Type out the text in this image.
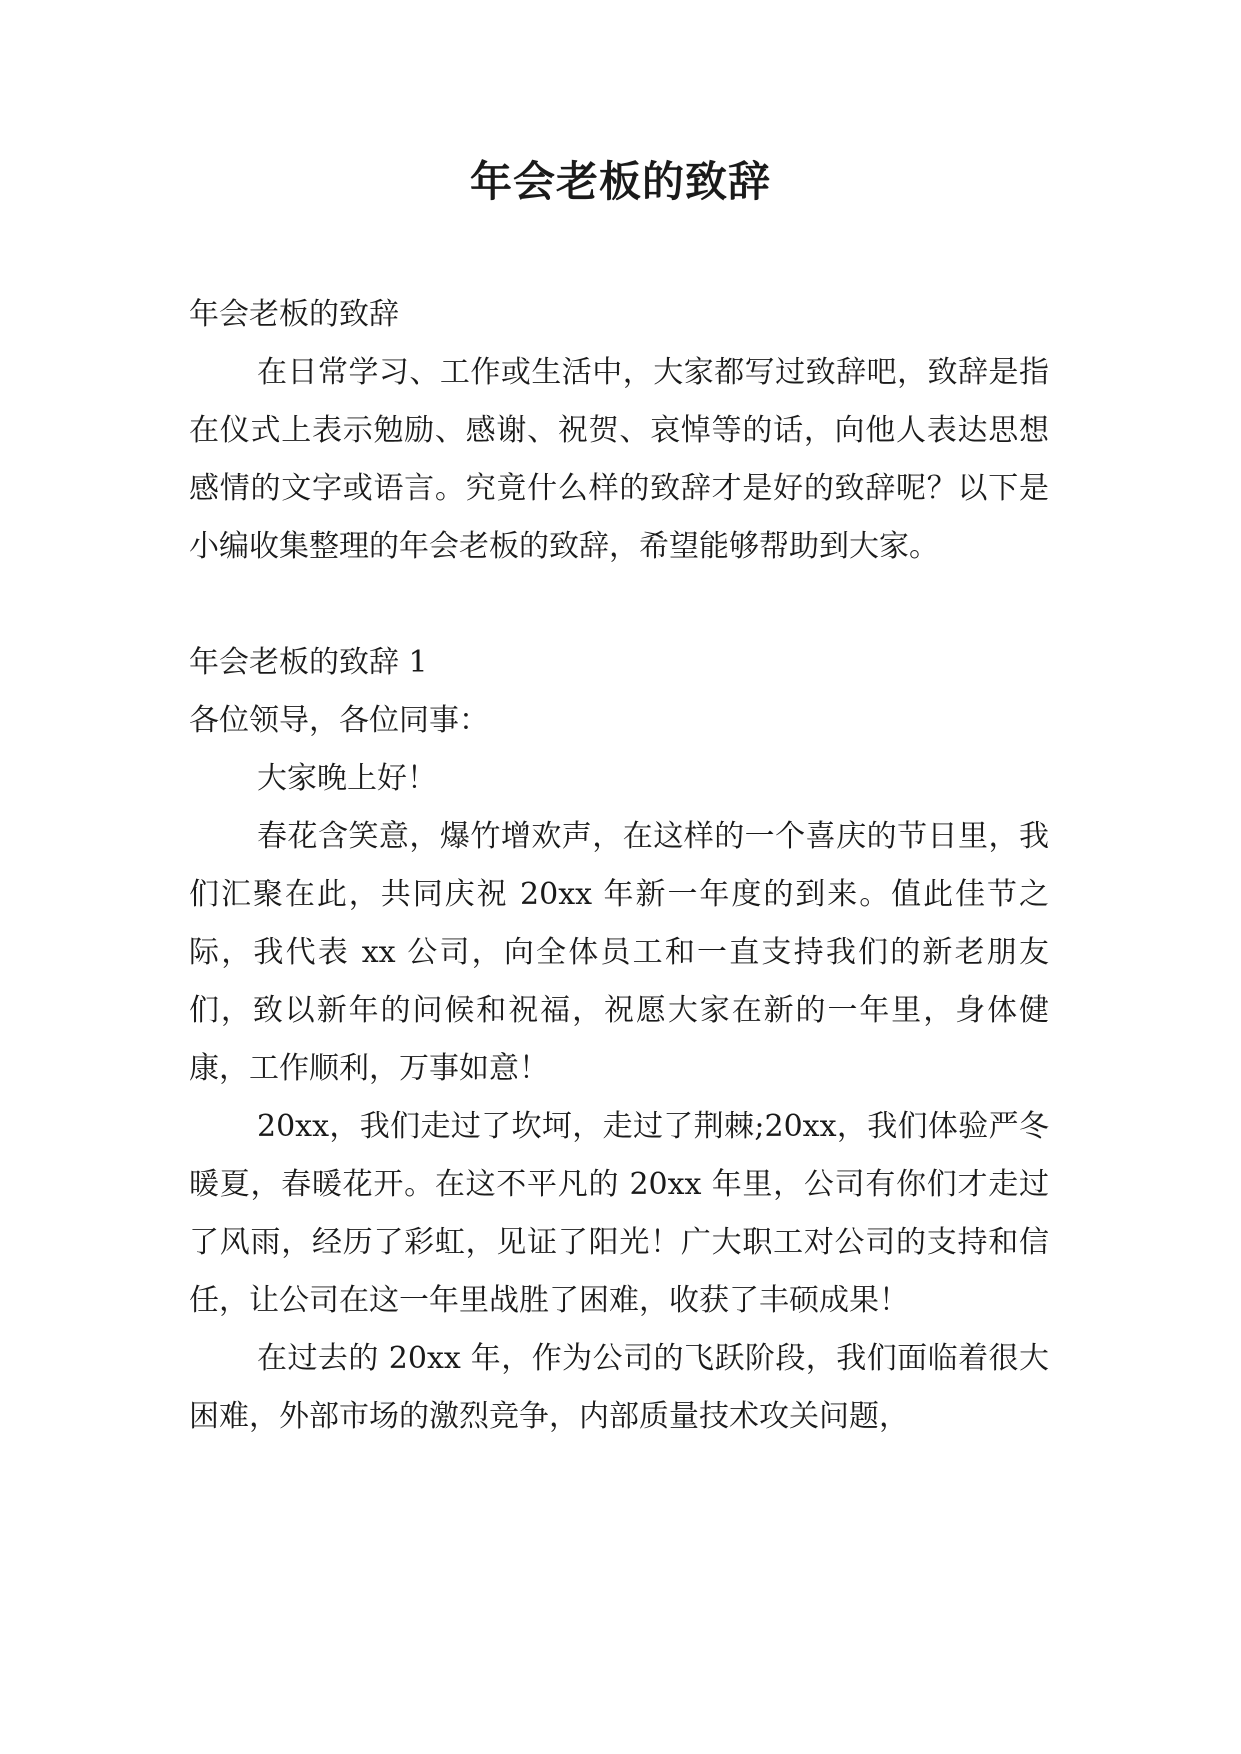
年会老板的致辞

年会老板的致辞

在日常学习、工作或生活中，大家都写过致辞吧，致辞是指在仪式上表示勉励、感谢、祝贺、哀悼等的话，向他人表达思想感情的文字或语言。究竟什么样的致辞才是好的致辞呢？以下是小编收集整理的年会老板的致辞，希望能够帮助到大家。

年会老板的致辞 1

各位领导，各位同事：

大家晚上好！

春花含笑意，爆竹增欢声，在这样的一个喜庆的节日里，我们汇聚在此，共同庆祝 20xx 年新一年度的到来。值此佳节之际，我代表 xx 公司，向全体员工和一直支持我们的新老朋友们，致以新年的问候和祝福，祝愿大家在新的一年里，身体健康，工作顺利，万事如意！

20xx，我们走过了坎坷，走过了荆棘;20xx，我们体验严冬暖夏，春暖花开。在这不平凡的 20xx 年里，公司有你们才走过了风雨，经历了彩虹，见证了阳光！广大职工对公司的支持和信任，让公司在这一年里战胜了困难，收获了丰硕成果！

在过去的 20xx 年，作为公司的飞跃阶段，我们面临着很大困难，外部市场的激烈竞争，内部质量技术攻关问题，
